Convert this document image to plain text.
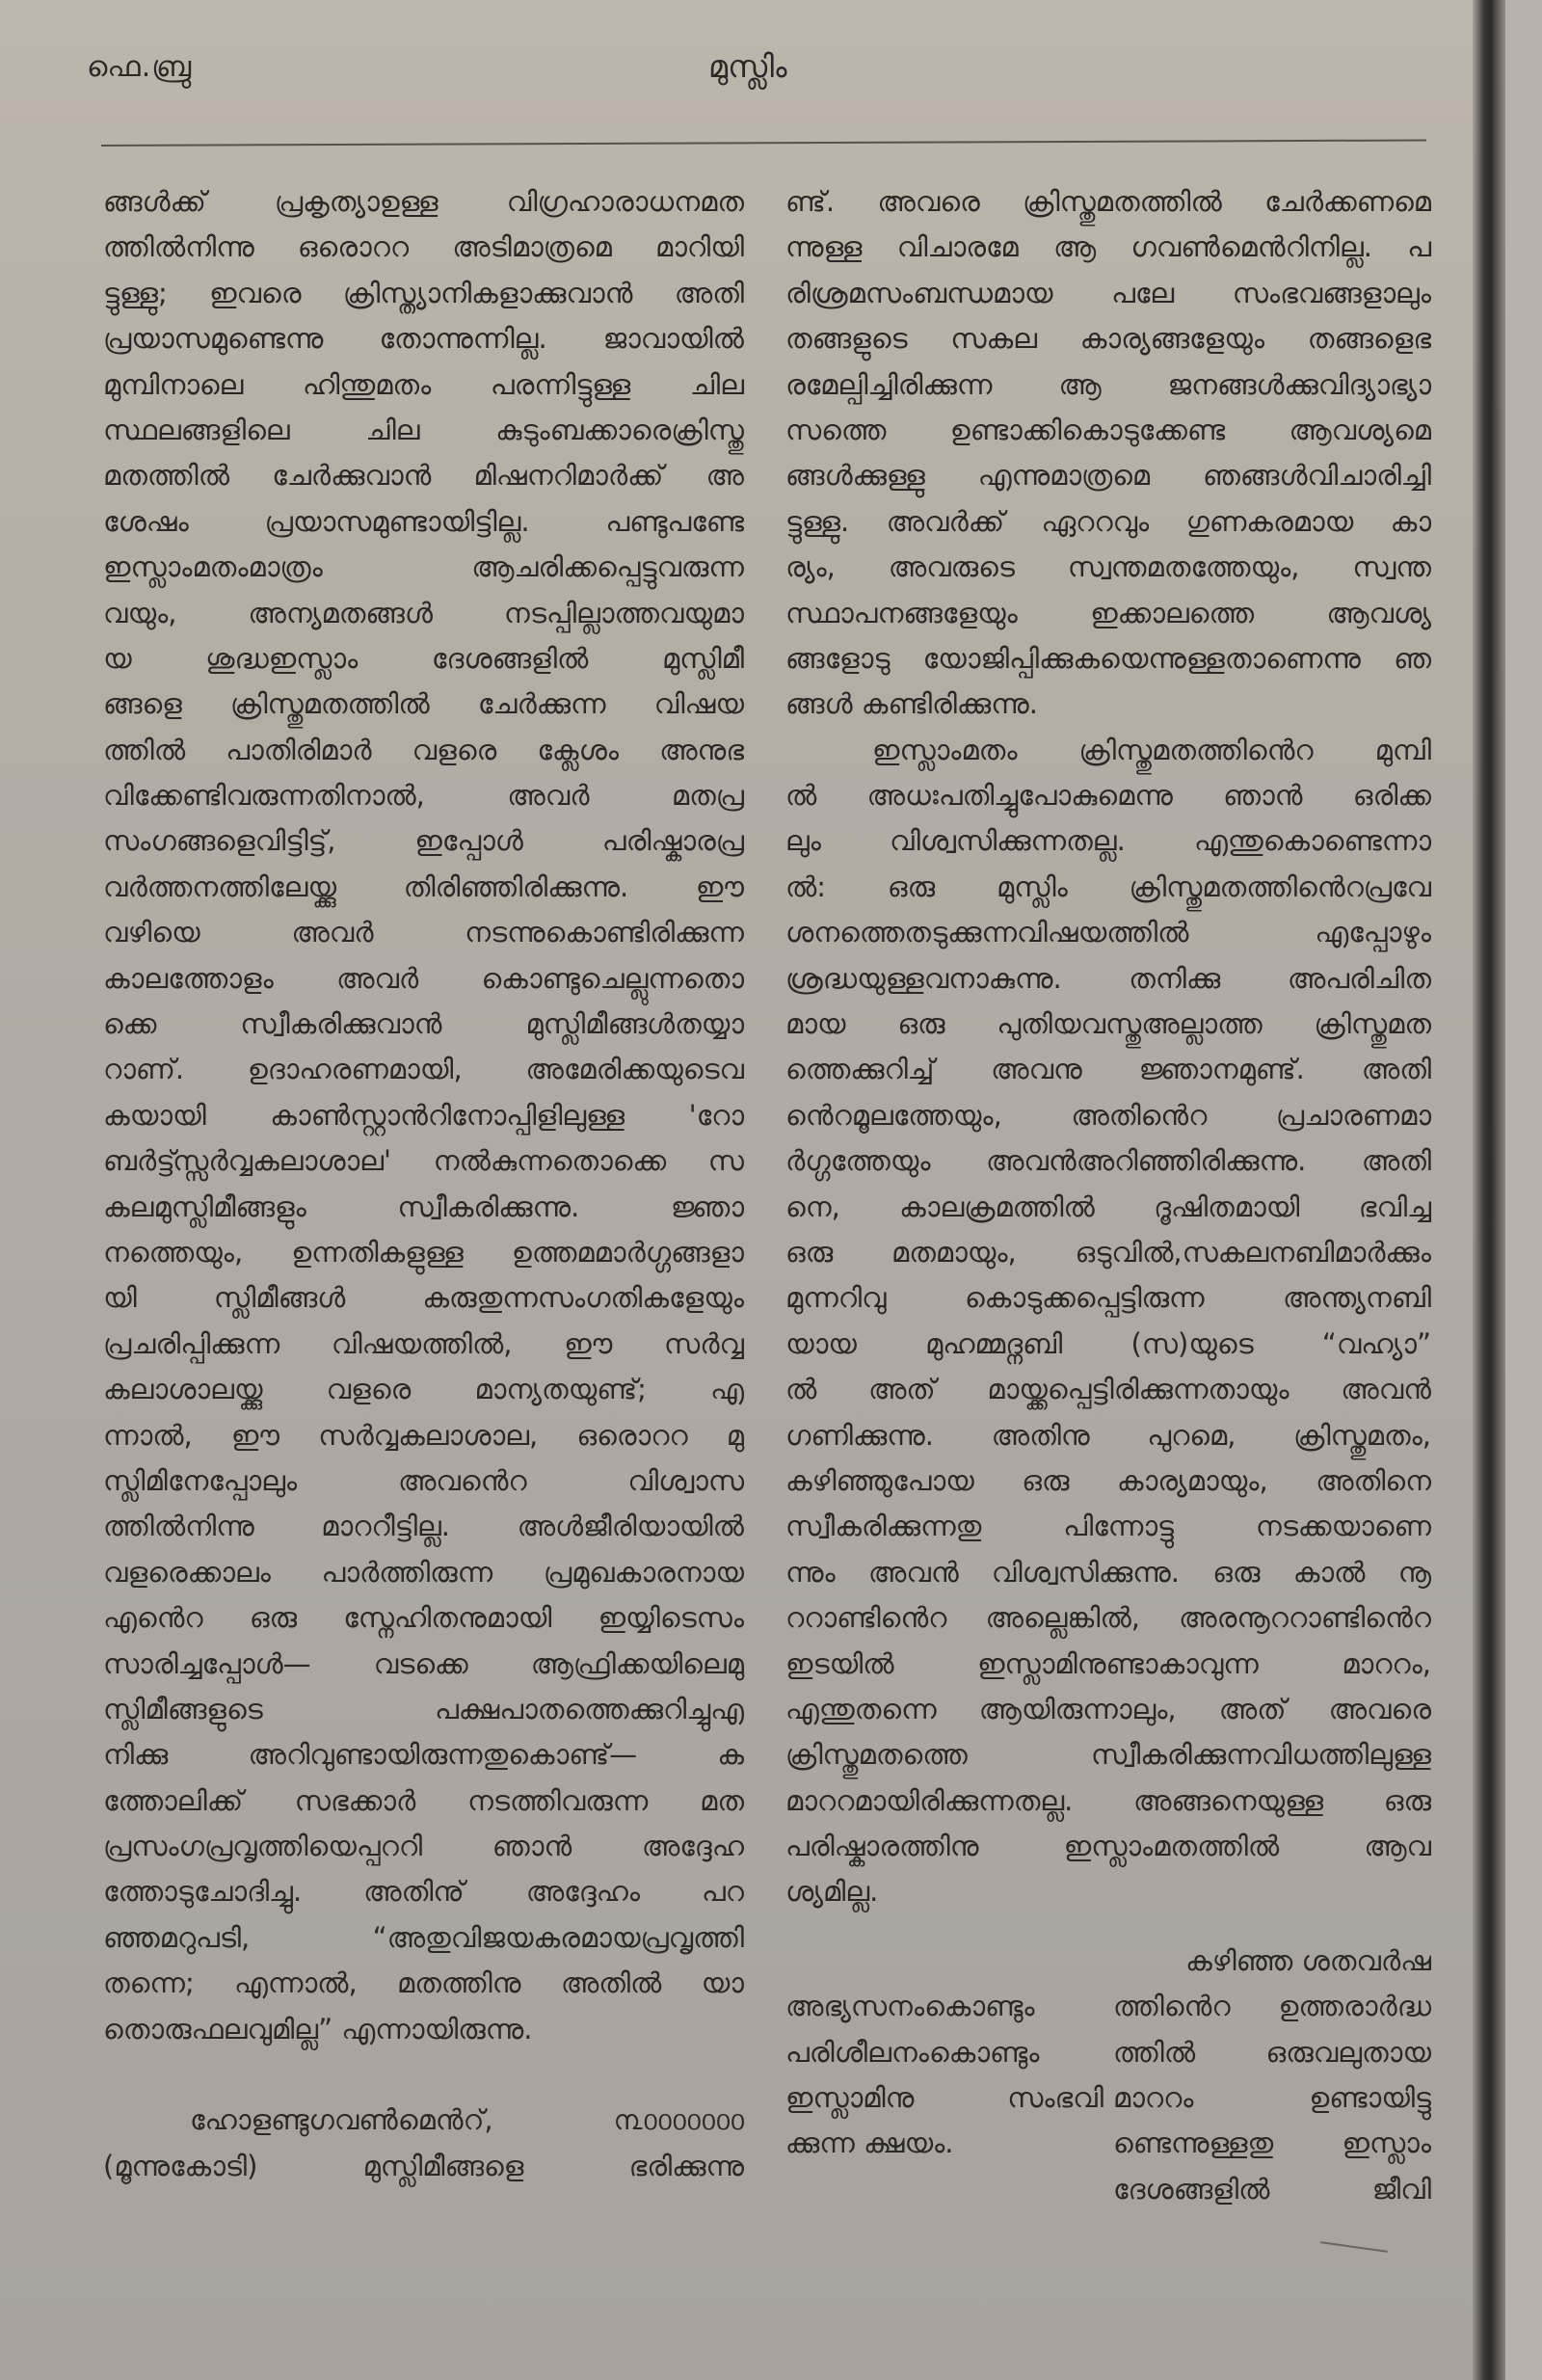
ഫെ.ബ്രു	മുസ്ലിം
ങ്ങൾക്ക് പ്രകൃത്യാഉള്ള വിഗ്രഹാരാധനമത
ത്തിൽനിന്നു ഒരൊററ അടിമാത്രമെ മാറിയി
ട്ടുള്ളു; ഇവരെ ക്രിസ്ത്യാനികളാക്കുവാൻ അതി
പ്രയാസമുണ്ടെന്നു തോന്നുന്നില്ല. ജാവായിൽ
മുമ്പിനാലെ ഹിന്തുമതം പരന്നിട്ടുള്ള ചില
സ്ഥലങ്ങളിലെ ചില കുടുംബക്കാരെക്രിസ്തു
മതത്തിൽ ചേർക്കുവാൻ മിഷനറിമാർക്ക് അ
ശേഷം പ്രയാസമുണ്ടായിട്ടില്ല. പണ്ടുപണ്ടേ
ഇസ്ലാംമതംമാത്രം ആചരിക്കപ്പെട്ടുവരുന്ന
വയും, അന്യമതങ്ങൾ നടപ്പില്ലാത്തവയുമാ
യ ശുദ്ധഇസ്ലാം ദേശങ്ങളിൽ മുസ്ലിമീ
ങ്ങളെ ക്രിസ്തുമതത്തിൽ ചേർക്കുന്ന വിഷയ
ത്തിൽ പാതിരിമാർ വളരെ ക്ലേശം അനുഭ
വിക്കേണ്ടിവരുന്നതിനാൽ, അവർ മതപ്ര
സംഗങ്ങളെവിട്ടിട്ട്, ഇപ്പോൾ പരിഷ്കാരപ്ര
വർത്തനത്തിലേയ്ക്കു തിരിഞ്ഞിരിക്കുന്നു. ഈ
വഴിയെ അവർ നടന്നുകൊണ്ടിരിക്കുന്ന
കാലത്തോളം അവർ കൊണ്ടുചെല്ലുന്നതൊ
ക്കെ സ്വീകരിക്കുവാൻ മുസ്ലിമീങ്ങൾതയ്യാ
റാണ്. ഉദാഹരണമായി, അമേരിക്കയുടെവ
കയായി കാൺസ്റ്റാൻറിനോപ്പിളിലുള്ള 'റോ
ബർട്ട്സ്സർവ്വകലാശാല' നൽകുന്നതൊക്കെ സ
കലമുസ്ലിമീങ്ങളും സ്വീകരിക്കുന്നു. ജ്ഞാ
നത്തെയും, ഉന്നതികളുള്ള ഉത്തമമാർഗ്ഗങ്ങളാ
യി സ്ലിമീങ്ങൾ കരുതുന്നസംഗതികളേയും
പ്രചരിപ്പിക്കുന്ന വിഷയത്തിൽ, ഈ സർവ്വ
കലാശാലയ്ക്കു വളരെ മാന്യതയുണ്ട്; എ
ന്നാൽ, ഈ സർവ്വകലാശാല, ഒരൊററ മു
സ്ലിമിനേപ്പോലും അവൻെറ വിശ്വാസ
ത്തിൽനിന്നു മാററീട്ടില്ല. അൾജീരിയായിൽ
വളരെക്കാലം പാർത്തിരുന്ന പ്രമുഖകാരനായ
എൻെറ ഒരു സ്നേഹിതനുമായി ഇയ്യിടെസം
സാരിച്ചപ്പോൾ— വടക്കെ ആഫ്രിക്കയിലെമു
സ്ലിമീങ്ങളുടെ പക്ഷപാതത്തെക്കുറിച്ചുഎ
നിക്കു അറിവുണ്ടായിരുന്നതുകൊണ്ട്— ക
ത്തോലിക്ക് സഭക്കാർ നടത്തിവരുന്ന മത
പ്രസംഗപ്രവൃത്തിയെപ്പററി ഞാൻ അദ്ദേഹ
ത്തോടുചോദിച്ചു. അതിനു് അദ്ദേഹം പറ
ഞ്ഞമറുപടി, “അതുവിജയകരമായപ്രവൃത്തി
തന്നെ; എന്നാൽ, മതത്തിനു അതിൽ യാ
തൊരുഫലവുമില്ല” എന്നായിരുന്നു.
ഹോളണ്ടുഗവൺമെൻറ്, ൩൦൦൦൦൦൦൦
(മൂന്നുകോടി) മുസ്ലിമീങ്ങളെ ഭരിക്കുന്നു
ണ്ട്. അവരെ ക്രിസ്തുമതത്തിൽ ചേർക്കണമെ
ന്നുള്ള വിചാരമേ ആ ഗവൺമെൻറിനില്ല. പ
രിശ്രമസംബന്ധമായ പലേ സംഭവങ്ങളാലും
തങ്ങളുടെ സകല കാര്യങ്ങളേയും തങ്ങളെഭ
രമേല്പിച്ചിരിക്കുന്ന ആ ജനങ്ങൾക്കുവിദ്യാഭ്യാ
സത്തെ ഉണ്ടാക്കികൊടുക്കേണ്ട ആവശ്യമെ
ങ്ങൾക്കുള്ളു എന്നുമാത്രമെ ഞങ്ങൾവിചാരിച്ചി
ട്ടുള്ളു. അവർക്ക് ഏററവും ഗുണകരമായ കാ
ര്യം, അവരുടെ സ്വന്തമതത്തേയും, സ്വന്ത
സ്ഥാപനങ്ങളേയും ഇക്കാലത്തെ ആവശ്യ
ങ്ങളോടു യോജിപ്പിക്കുകയെന്നുള്ളതാണെന്നു ഞ
ങ്ങൾ കണ്ടിരിക്കുന്നു.
ഇസ്ലാംമതം ക്രിസ്തുമതത്തിൻെറ മുമ്പി
ൽ അധഃപതിച്ചുപോകുമെന്നു ഞാൻ ഒരിക്ക
ലും വിശ്വസിക്കുന്നതല്ല. എന്തുകൊണ്ടെന്നാ
ൽ: ഒരു മുസ്ലിം ക്രിസ്തുമതത്തിൻെറപ്രവേ
ശനത്തെതടുക്കുന്നവിഷയത്തിൽ എപ്പോഴും
ശ്രദ്ധയുള്ളവനാകുന്നു. തനിക്കു അപരിചിത
മായ ഒരു പുതിയവസ്തുഅല്ലാത്ത ക്രിസ്തുമത
ത്തെക്കുറിച്ച് അവനു ജ്ഞാനമുണ്ട്. അതി
ൻെറമൂലത്തേയും, അതിൻെറ പ്രചാരണമാ
ർഗ്ഗത്തേയും അവൻഅറിഞ്ഞിരിക്കുന്നു. അതി
നെ, കാലക്രമത്തിൽ ദൂഷിതമായി ഭവിച്ച
ഒരു മതമായും, ഒടുവിൽ,സകലനബിമാർക്കും
മുന്നറിവു കൊടുക്കപ്പെട്ടിരുന്ന അന്ത്യനബി
യായ മുഹമ്മദ്നബി (സ)യുടെ “വഹ്യാ”
ൽ അത് മായ്ക്കപ്പെട്ടിരിക്കുന്നതായും അവൻ
ഗണിക്കുന്നു. അതിനു പുറമെ, ക്രിസ്തുമതം,
കഴിഞ്ഞുപോയ ഒരു കാര്യമായും, അതിനെ
സ്വീകരിക്കുന്നതു പിന്നോട്ടു നടക്കയാണെ
ന്നും അവൻ വിശ്വസിക്കുന്നു. ഒരു കാൽ നൂ
ററാണ്ടിൻെറ അല്ലെങ്കിൽ, അരനൂററാണ്ടിൻെറ
ഇടയിൽ ഇസ്ലാമിനുണ്ടാകാവുന്ന മാററം,
എന്തുതന്നെ ആയിരുന്നാലും, അത് അവരെ
ക്രിസ്തുമതത്തെ സ്വീകരിക്കുന്നവിധത്തിലുള്ള
മാററമായിരിക്കുന്നതല്ല. അങ്ങനെയുള്ള ഒരു
പരിഷ്കാരത്തിനു ഇസ്ലാംമതത്തിൽ ആവ
ശ്യമില്ല.
കഴിഞ്ഞ ശതവർഷ
അഭ്യസനംകൊണ്ടും	ത്തിൻെറ ഉത്തരാർദ്ധ
പരിശീലനംകൊണ്ടും	ത്തിൽ ഒരുവലുതായ
ഇസ്ലാമിനു സംഭവി മാററം ഉണ്ടായിട്ടു
ക്കുന്ന ക്ഷയം.	ണ്ടെന്നുള്ളതു ഇസ്ലാം
ദേശങ്ങളിൽ ജീവി
